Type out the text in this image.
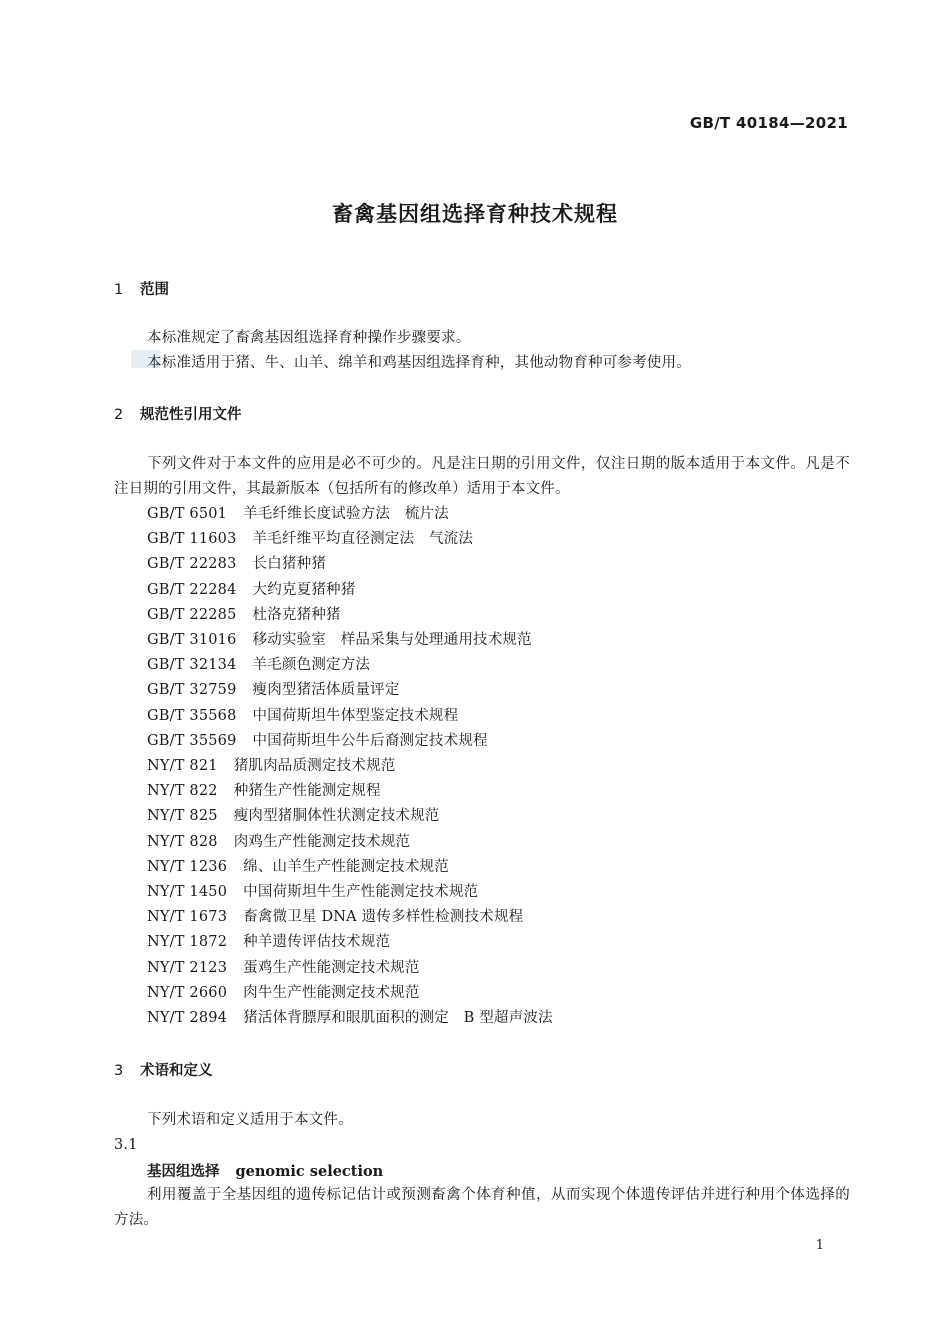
GB/T 40184—2021
畜禽基因组选择育种技术规程
1 范围
本标准规定了畜禽基因组选择育种操作步骤要求。
本标准适用于猪、牛、山羊、绵羊和鸡基因组选择育种，其他动物育种可参考使用。
2 规范性引用文件
下列文件对于本文件的应用是必不可少的。凡是注日期的引用文件，仅注日期的版本适用于本文件。凡是不注日期的引用文件，其最新版本（包括所有的修改单）适用于本文件。
GB/T 6501 羊毛纤维长度试验方法　梳片法
GB/T 11603 羊毛纤维平均直径测定法　气流法
GB/T 22283 长白猪种猪
GB/T 22284 大约克夏猪种猪
GB/T 22285 杜洛克猪种猪
GB/T 31016 移动实验室　样品采集与处理通用技术规范
GB/T 32134 羊毛颜色测定方法
GB/T 32759 瘦肉型猪活体质量评定
GB/T 35568 中国荷斯坦牛体型鉴定技术规程
GB/T 35569 中国荷斯坦牛公牛后裔测定技术规程
NY/T 821 猪肌肉品质测定技术规范
NY/T 822 种猪生产性能测定规程
NY/T 825 瘦肉型猪胴体性状测定技术规范
NY/T 828 肉鸡生产性能测定技术规范
NY/T 1236 绵、山羊生产性能测定技术规范
NY/T 1450 中国荷斯坦牛生产性能测定技术规范
NY/T 1673 畜禽微卫星 DNA 遗传多样性检测技术规程
NY/T 1872 种羊遗传评估技术规范
NY/T 2123 蛋鸡生产性能测定技术规范
NY/T 2660 肉牛生产性能测定技术规范
NY/T 2894 猪活体背膘厚和眼肌面积的测定　B 型超声波法
3 术语和定义
下列术语和定义适用于本文件。
3.1
基因组选择 genomic selection
利用覆盖于全基因组的遗传标记估计或预测畜禽个体育种值，从而实现个体遗传评估并进行种用个体选择的方法。
1
